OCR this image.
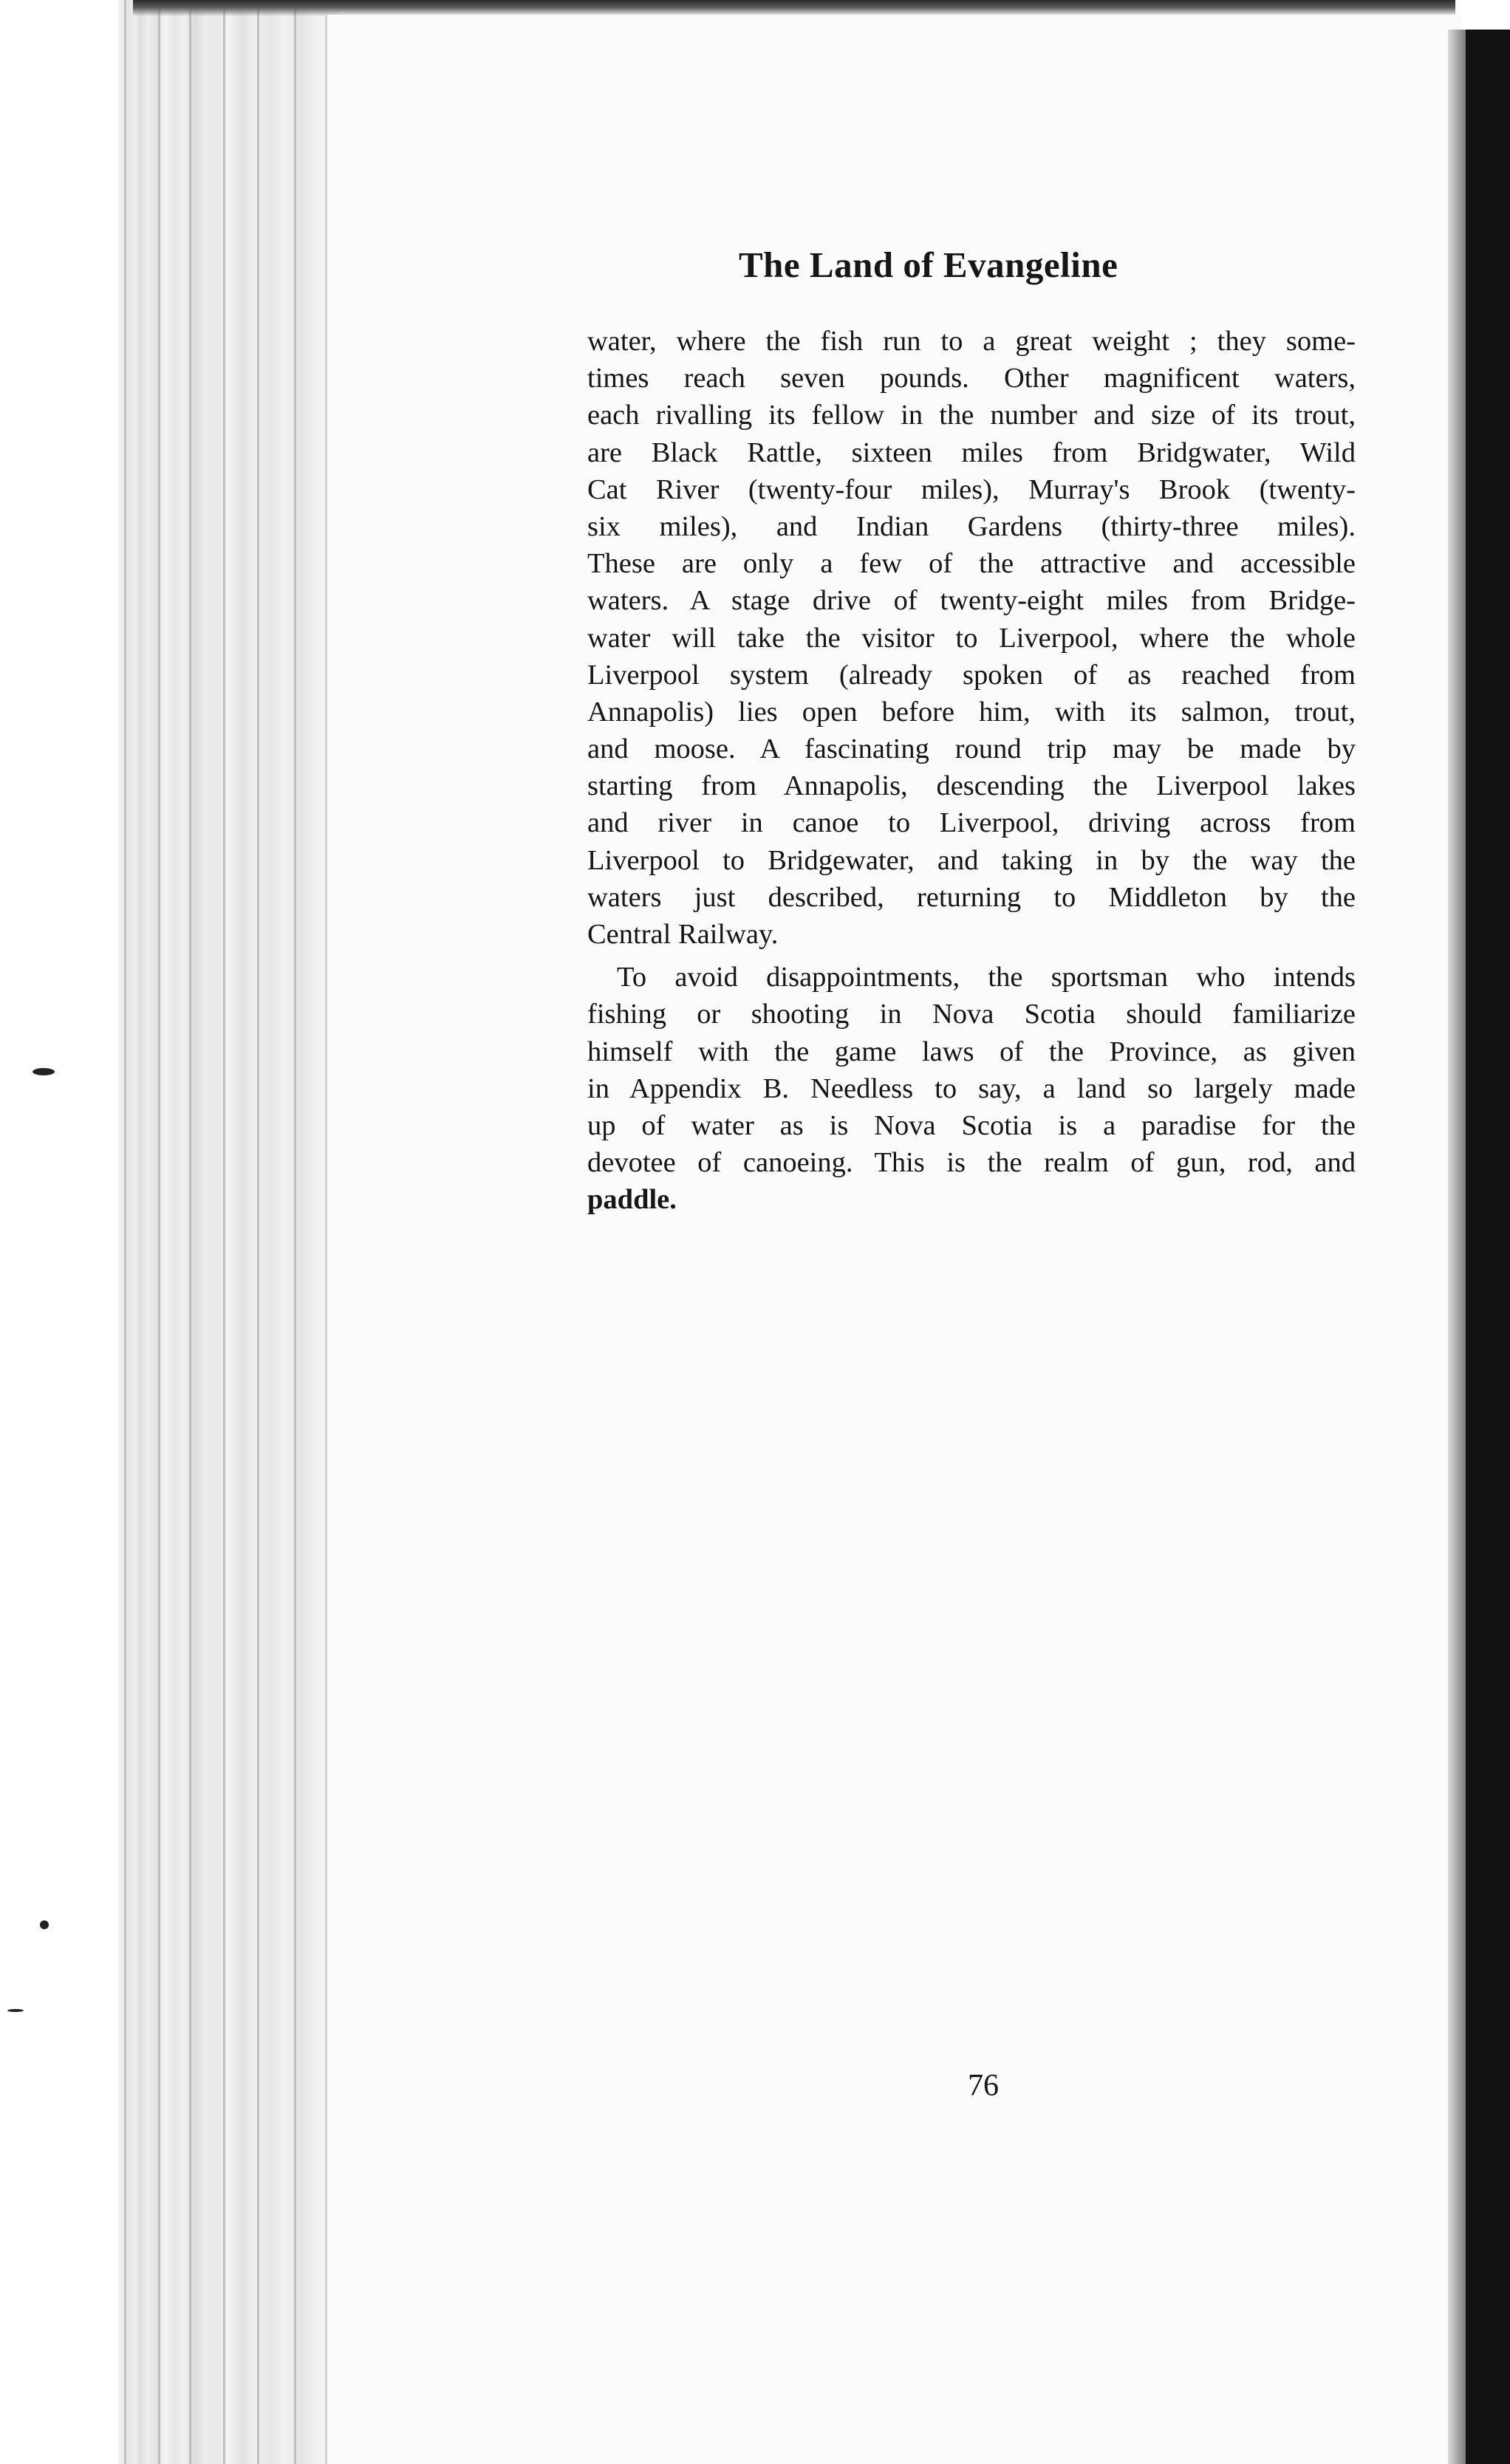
The Land of Evangeline
water, where the fish run to a great weight ; they some-
times reach seven pounds. Other magnificent waters,
each rivalling its fellow in the number and size of its trout,
are Black Rattle, sixteen miles from Bridgwater, Wild
Cat River (twenty-four miles), Murray's Brook (twenty-
six miles), and Indian Gardens (thirty-three miles).
These are only a few of the attractive and accessible
waters. A stage drive of twenty-eight miles from Bridge-
water will take the visitor to Liverpool, where the whole
Liverpool system (already spoken of as reached from
Annapolis) lies open before him, with its salmon, trout,
and moose. A fascinating round trip may be made by
starting from Annapolis, descending the Liverpool lakes
and river in canoe to Liverpool, driving across from
Liverpool to Bridgewater, and taking in by the way the
waters just described, returning to Middleton by the
Central Railway.
To avoid disappointments, the sportsman who intends
fishing or shooting in Nova Scotia should familiarize
himself with the game laws of the Province, as given
in Appendix B. Needless to say, a land so largely made
up of water as is Nova Scotia is a paradise for the
devotee of canoeing. This is the realm of gun, rod, and
paddle.

76
